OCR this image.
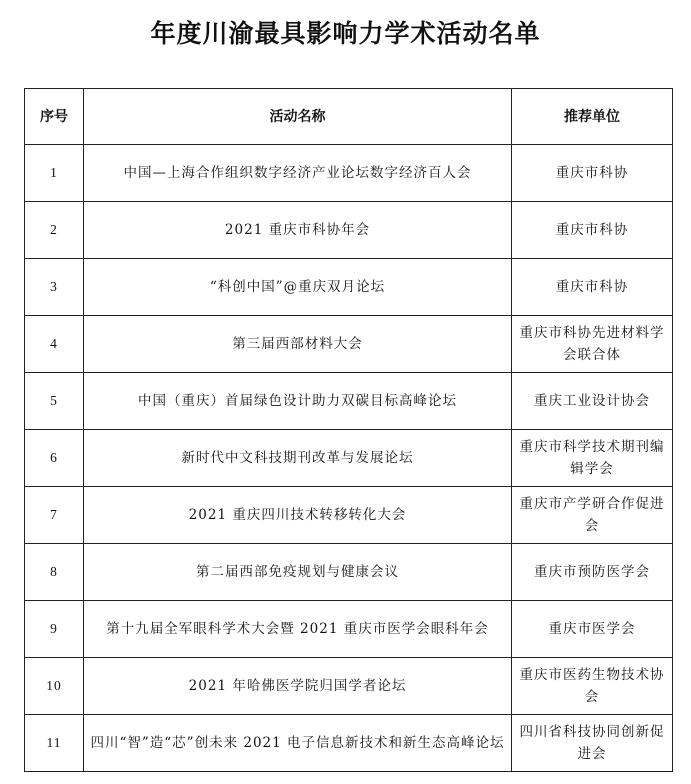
年度川渝最具影响力学术活动名单
序号	活动名称	推荐单位
1	中国—上海合作组织数字经济产业论坛数字经济百人会	重庆市科协
2	2021 重庆市科协年会	重庆市科协
3	“科创中国”@重庆双月论坛	重庆市科协
4	第三届西部材料大会	重庆市科协先进材料学会联合体
5	中国（重庆）首届绿色设计助力双碳目标高峰论坛	重庆工业设计协会
6	新时代中文科技期刊改革与发展论坛	重庆市科学技术期刊编辑学会
7	2021 重庆四川技术转移转化大会	重庆市产学研合作促进会
8	第二届西部免疫规划与健康会议	重庆市预防医学会
9	第十九届全军眼科学术大会暨 2021 重庆市医学会眼科年会	重庆市医学会
10	2021 年哈佛医学院归国学者论坛	重庆市医药生物技术协会
11	四川“智”造“芯”创未来 2021 电子信息新技术和新生态高峰论坛	四川省科技协同创新促进会
